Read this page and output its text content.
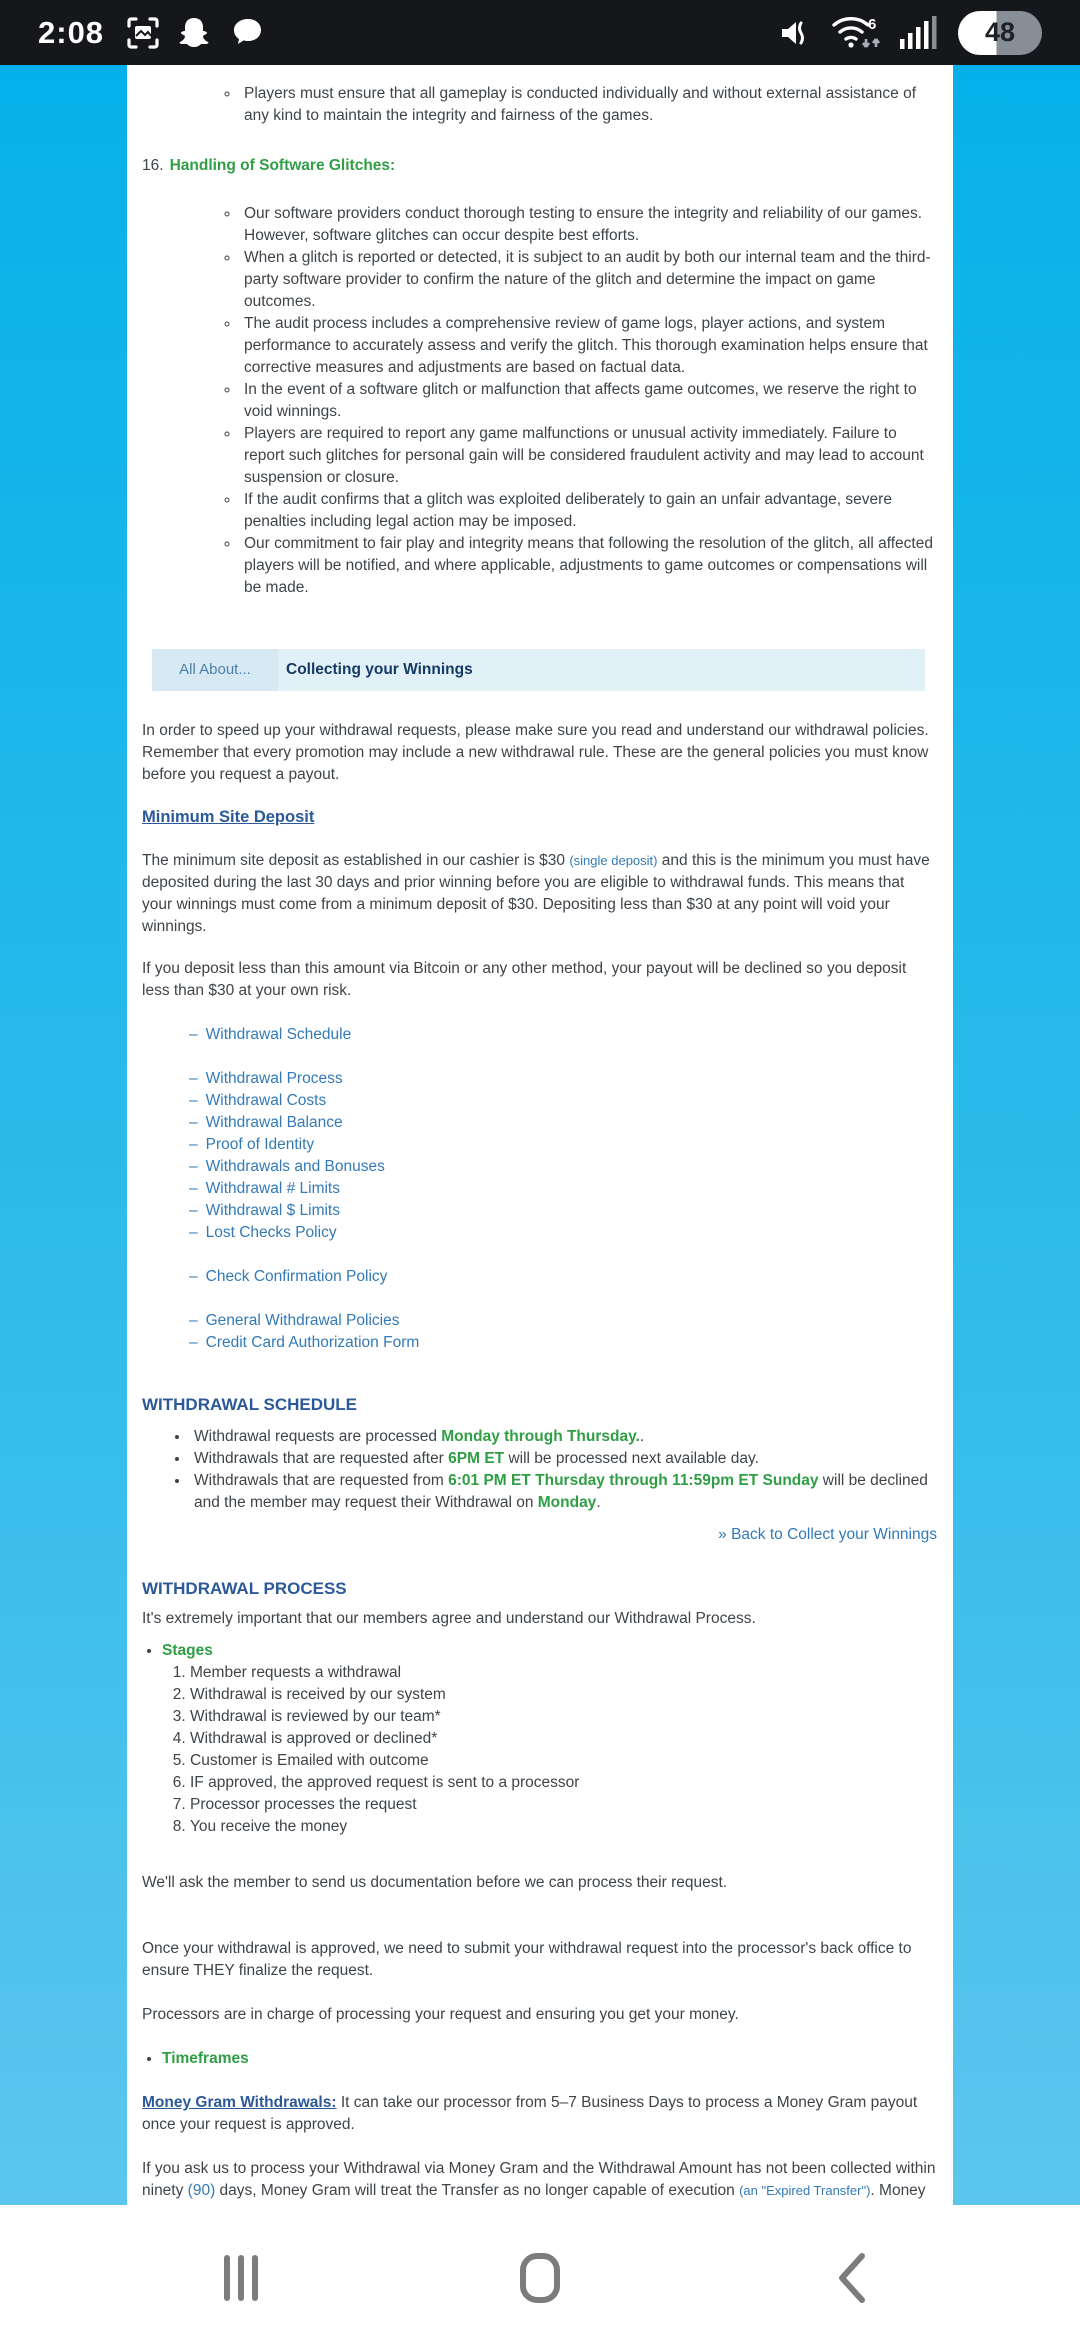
2:08	6	48
◦ Players must ensure that all gameplay is conducted individually and without external assistance of any kind to maintain the integrity and fairness of the games.
16. Handling of Software Glitches:
◦ Our software providers conduct thorough testing to ensure the integrity and reliability of our games. However, software glitches can occur despite best efforts.
◦ When a glitch is reported or detected, it is subject to an audit by both our internal team and the third-party software provider to confirm the nature of the glitch and determine the impact on game outcomes.
◦ The audit process includes a comprehensive review of game logs, player actions, and system performance to accurately assess and verify the glitch. This thorough examination helps ensure that corrective measures and adjustments are based on factual data.
◦ In the event of a software glitch or malfunction that affects game outcomes, we reserve the right to void winnings.
◦ Players are required to report any game malfunctions or unusual activity immediately. Failure to report such glitches for personal gain will be considered fraudulent activity and may lead to account suspension or closure.
◦ If the audit confirms that a glitch was exploited deliberately to gain an unfair advantage, severe penalties including legal action may be imposed.
◦ Our commitment to fair play and integrity means that following the resolution of the glitch, all affected players will be notified, and where applicable, adjustments to game outcomes or compensations will be made.
All About...	Collecting your Winnings

In order to speed up your withdrawal requests, please make sure you read and understand our withdrawal policies. Remember that every promotion may include a new withdrawal rule. These are the general policies you must know before you request a payout.

Minimum Site Deposit

The minimum site deposit as established in our cashier is $30 (single deposit) and this is the minimum you must have deposited during the last 30 days and prior winning before you are eligible to withdrawal funds. This means that your winnings must come from a minimum deposit of $30. Depositing less than $30 at any point will void your winnings.

If you deposit less than this amount via Bitcoin or any other method, your payout will be declined so you deposit less than $30 at your own risk.

– Withdrawal Schedule
– Withdrawal Process
– Withdrawal Costs
– Withdrawal Balance
– Proof of Identity
– Withdrawals and Bonuses
– Withdrawal # Limits
– Withdrawal $ Limits
– Lost Checks Policy
– Check Confirmation Policy
– General Withdrawal Policies
– Credit Card Authorization Form
WITHDRAWAL SCHEDULE
• Withdrawal requests are processed Monday through Thursday..
• Withdrawals that are requested after 6PM ET will be processed next available day.
• Withdrawals that are requested from 6:01 PM ET Thursday through 11:59pm ET Sunday will be declined and the member may request their Withdrawal on Monday.
» Back to Collect your Winnings
WITHDRAWAL PROCESS

It's extremely important that our members agree and understand our Withdrawal Process.

• Stages
1. Member requests a withdrawal
2. Withdrawal is received by our system
3. Withdrawal is reviewed by our team*
4. Withdrawal is approved or declined*
5. Customer is Emailed with outcome
6. IF approved, the approved request is sent to a processor
7. Processor processes the request
8. You receive the money

We'll ask the member to send us documentation before we can process their request.

Once your withdrawal is approved, we need to submit your withdrawal request into the processor's back office to ensure THEY finalize the request.

Processors are in charge of processing your request and ensuring you get your money.

• Timeframes

Money Gram Withdrawals: It can take our processor from 5–7 Business Days to process a Money Gram payout once your request is approved.

If you ask us to process your Withdrawal via Money Gram and the Withdrawal Amount has not been collected within ninety (90) days, Money Gram will treat the Transfer as no longer capable of execution (an "Expired Transfer"). Money
